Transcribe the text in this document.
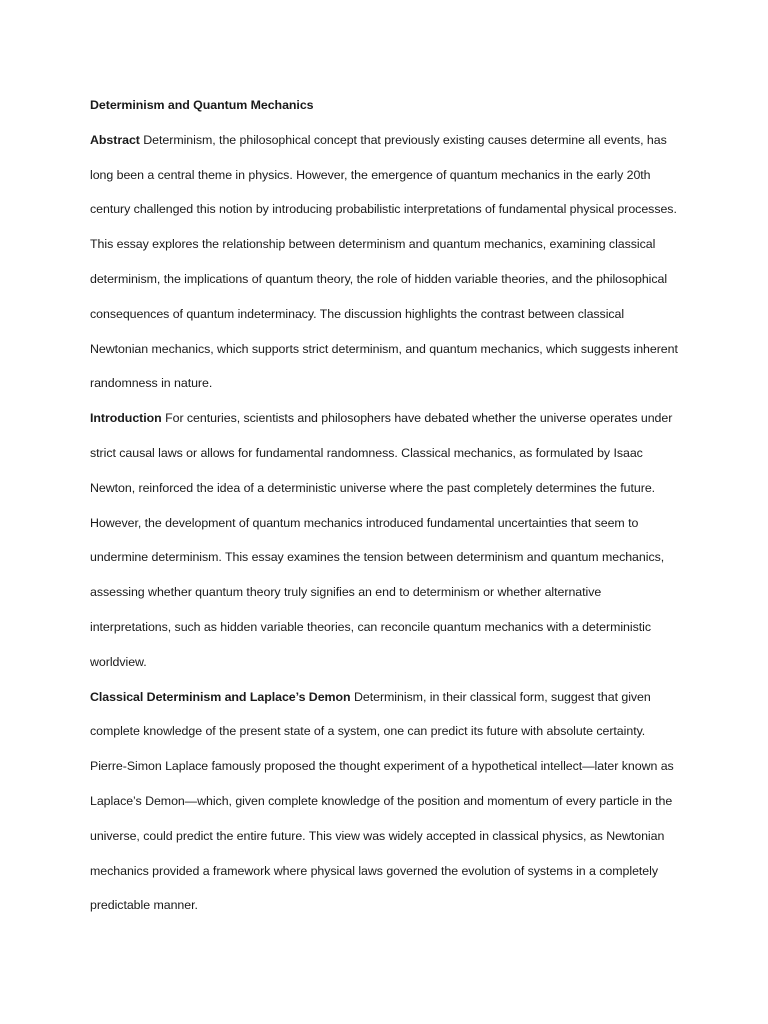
Determinism and Quantum Mechanics

Abstract Determinism, the philosophical concept that previously existing causes determine all events, has long been a central theme in physics. However, the emergence of quantum mechanics in the early 20th century challenged this notion by introducing probabilistic interpretations of fundamental physical processes. This essay explores the relationship between determinism and quantum mechanics, examining classical determinism, the implications of quantum theory, the role of hidden variable theories, and the philosophical consequences of quantum indeterminacy. The discussion highlights the contrast between classical Newtonian mechanics, which supports strict determinism, and quantum mechanics, which suggests inherent randomness in nature.

Introduction For centuries, scientists and philosophers have debated whether the universe operates under strict causal laws or allows for fundamental randomness. Classical mechanics, as formulated by Isaac Newton, reinforced the idea of a deterministic universe where the past completely determines the future. However, the development of quantum mechanics introduced fundamental uncertainties that seem to undermine determinism. This essay examines the tension between determinism and quantum mechanics, assessing whether quantum theory truly signifies an end to determinism or whether alternative interpretations, such as hidden variable theories, can reconcile quantum mechanics with a deterministic worldview.

Classical Determinism and Laplace’s Demon Determinism, in their classical form, suggest that given complete knowledge of the present state of a system, one can predict its future with absolute certainty. Pierre-Simon Laplace famously proposed the thought experiment of a hypothetical intellect—later known as Laplace’s Demon—which, given complete knowledge of the position and momentum of every particle in the universe, could predict the entire future. This view was widely accepted in classical physics, as Newtonian mechanics provided a framework where physical laws governed the evolution of systems in a completely predictable manner.
